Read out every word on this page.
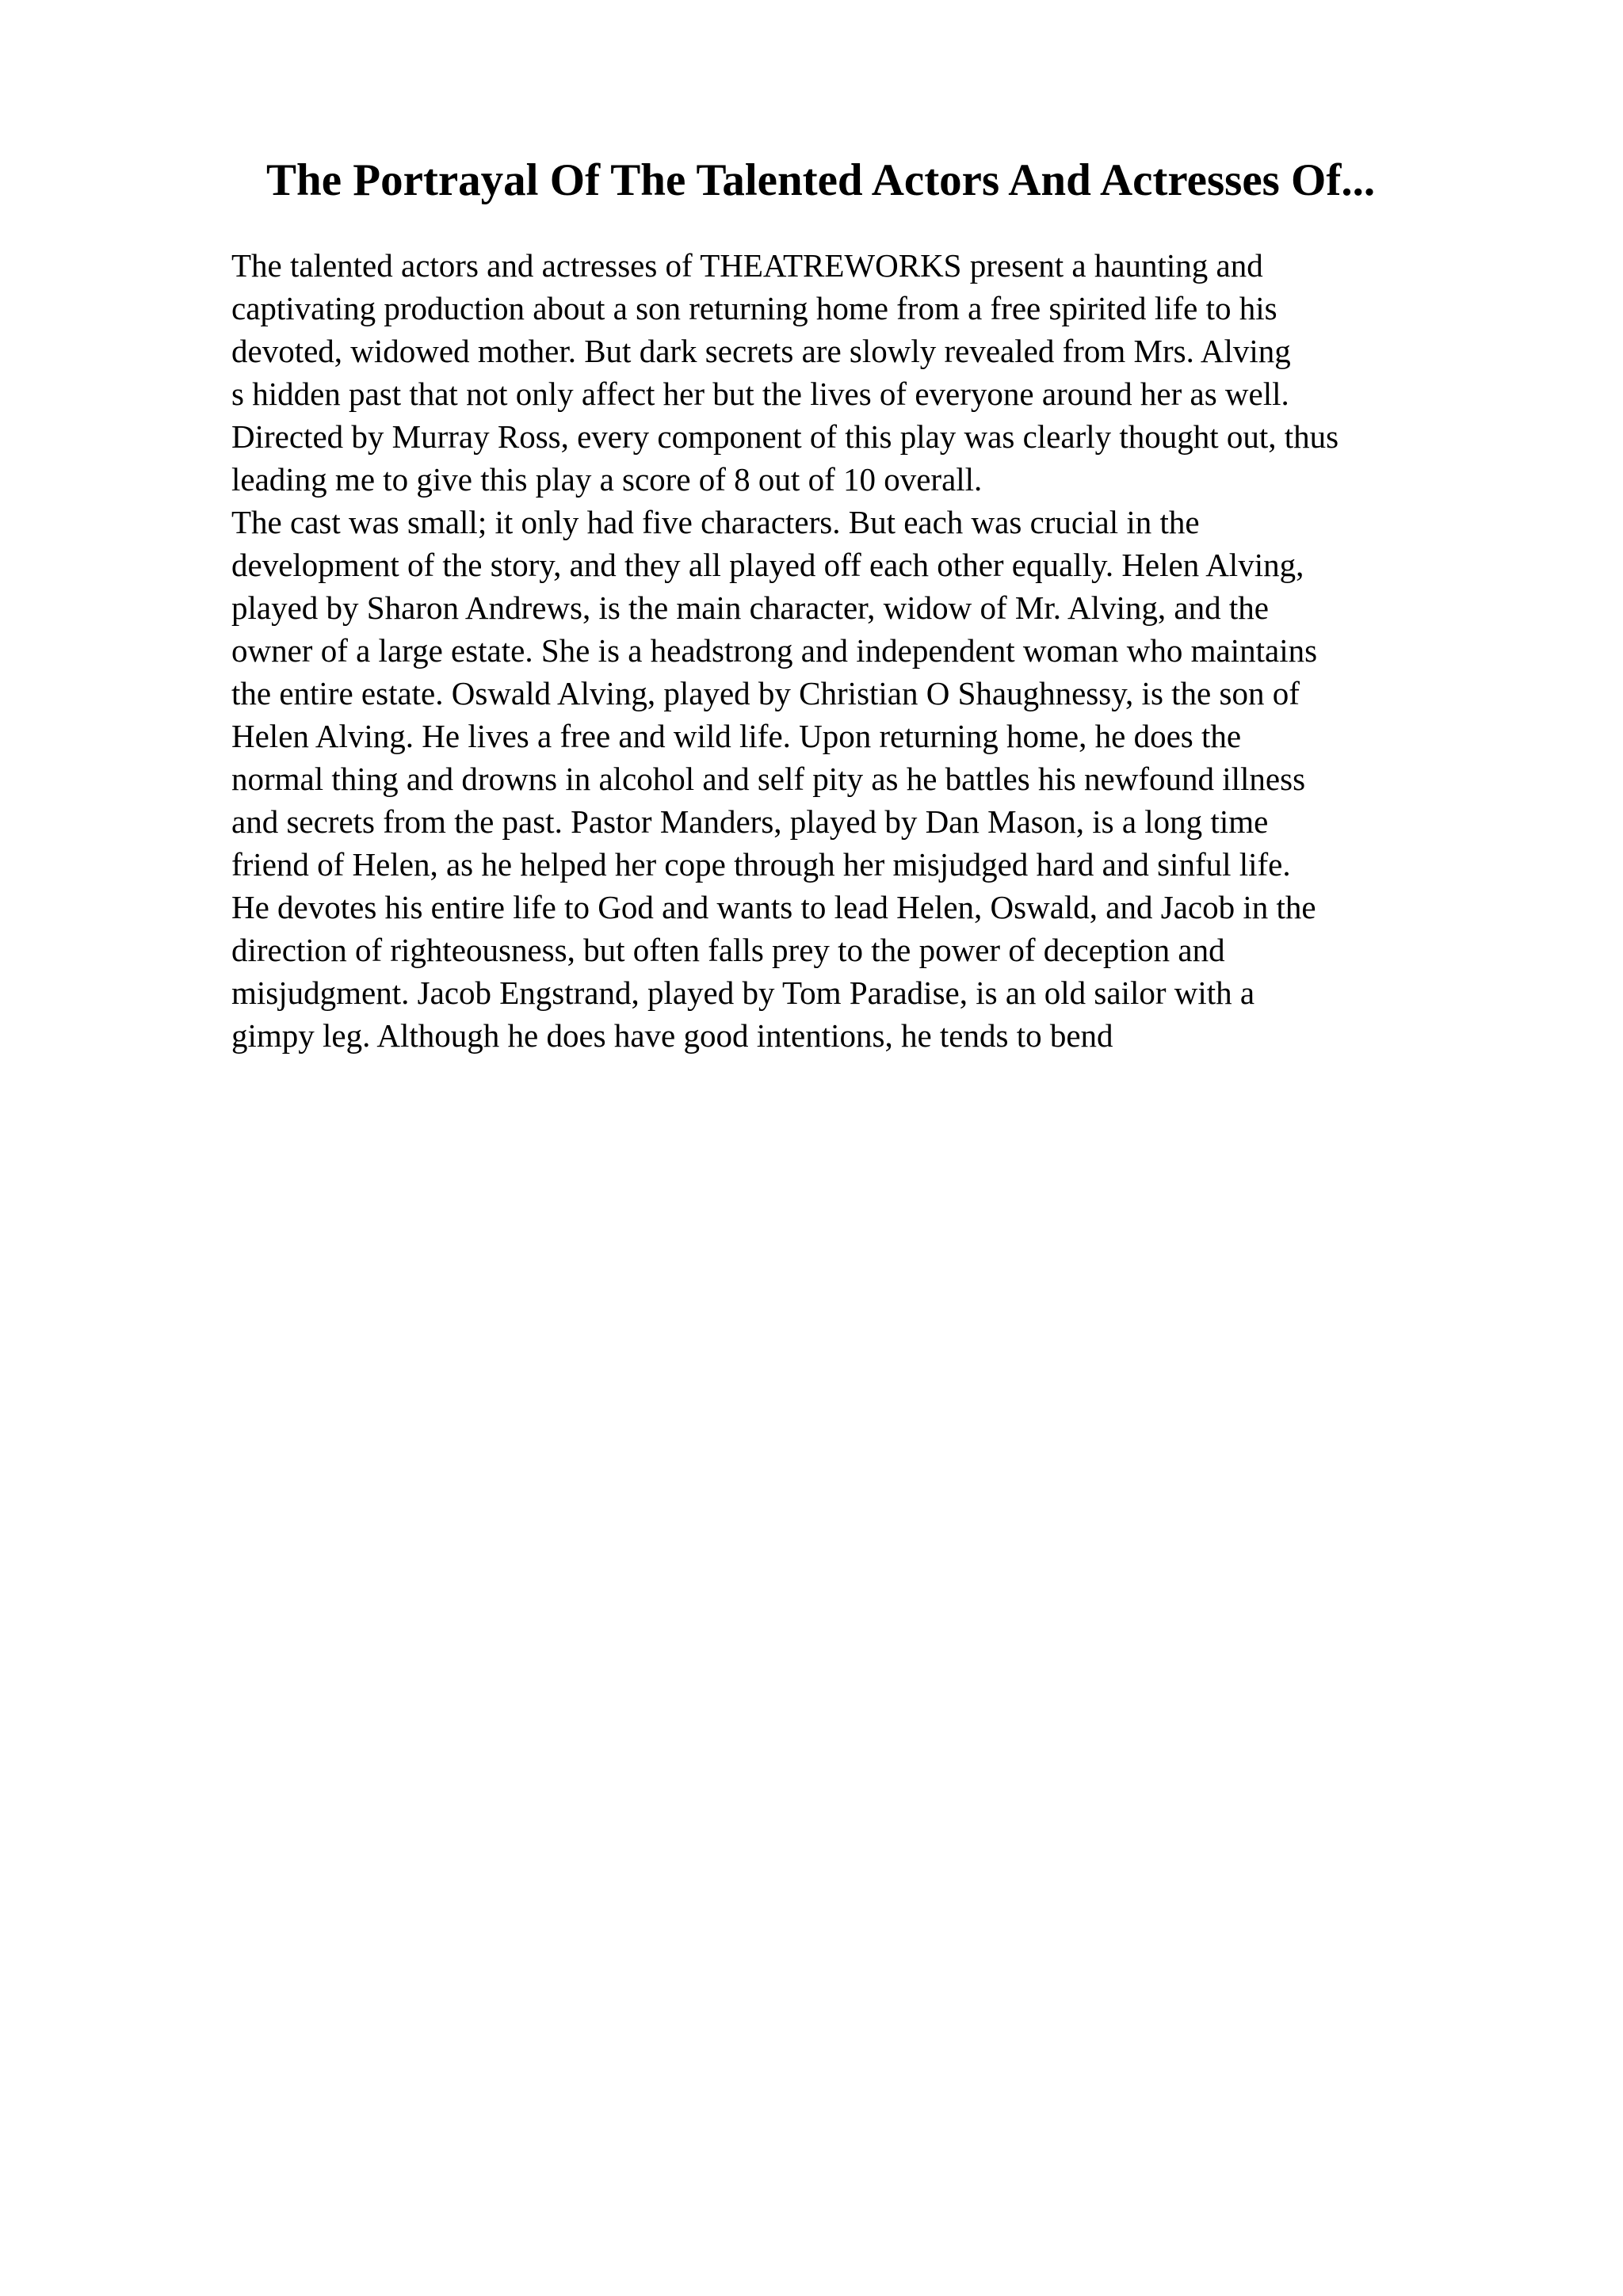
The Portrayal Of The Talented Actors And Actresses Of...
The talented actors and actresses of THEATREWORKS present a haunting and
captivating production about a son returning home from a free spirited life to his
devoted, widowed mother. But dark secrets are slowly revealed from Mrs. Alving
s hidden past that not only affect her but the lives of everyone around her as well.
Directed by Murray Ross, every component of this play was clearly thought out, thus
leading me to give this play a score of 8 out of 10 overall.
The cast was small; it only had five characters. But each was crucial in the
development of the story, and they all played off each other equally. Helen Alving,
played by Sharon Andrews, is the main character, widow of Mr. Alving, and the
owner of a large estate. She is a headstrong and independent woman who maintains
the entire estate. Oswald Alving, played by Christian O Shaughnessy, is the son of
Helen Alving. He lives a free and wild life. Upon returning home, he does the
normal thing and drowns in alcohol and self pity as he battles his newfound illness
and secrets from the past. Pastor Manders, played by Dan Mason, is a long time
friend of Helen, as he helped her cope through her misjudged hard and sinful life.
He devotes his entire life to God and wants to lead Helen, Oswald, and Jacob in the
direction of righteousness, but often falls prey to the power of deception and
misjudgment. Jacob Engstrand, played by Tom Paradise, is an old sailor with a
gimpy leg. Although he does have good intentions, he tends to bend
